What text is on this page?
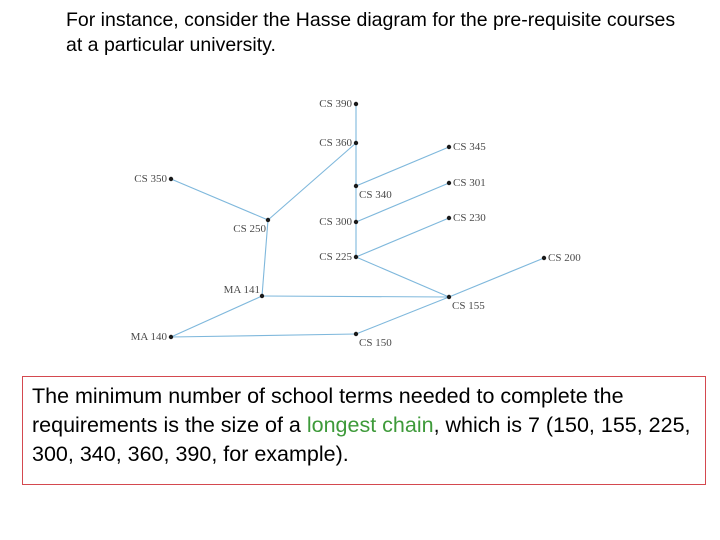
For instance, consider the Hasse diagram for the pre-requisite courses at a particular university.

CS 390
CS 360	CS 345
CS 350
CS 340
CS 301
CS 250
CS 300	CS 230
CS 225	CS 200
MA 141
CS 155
MA 140	CS 150

The minimum number of school terms needed to complete the requirements is the size of a longest chain, which is 7 (150, 155, 225, 300, 340, 360, 390, for example).
